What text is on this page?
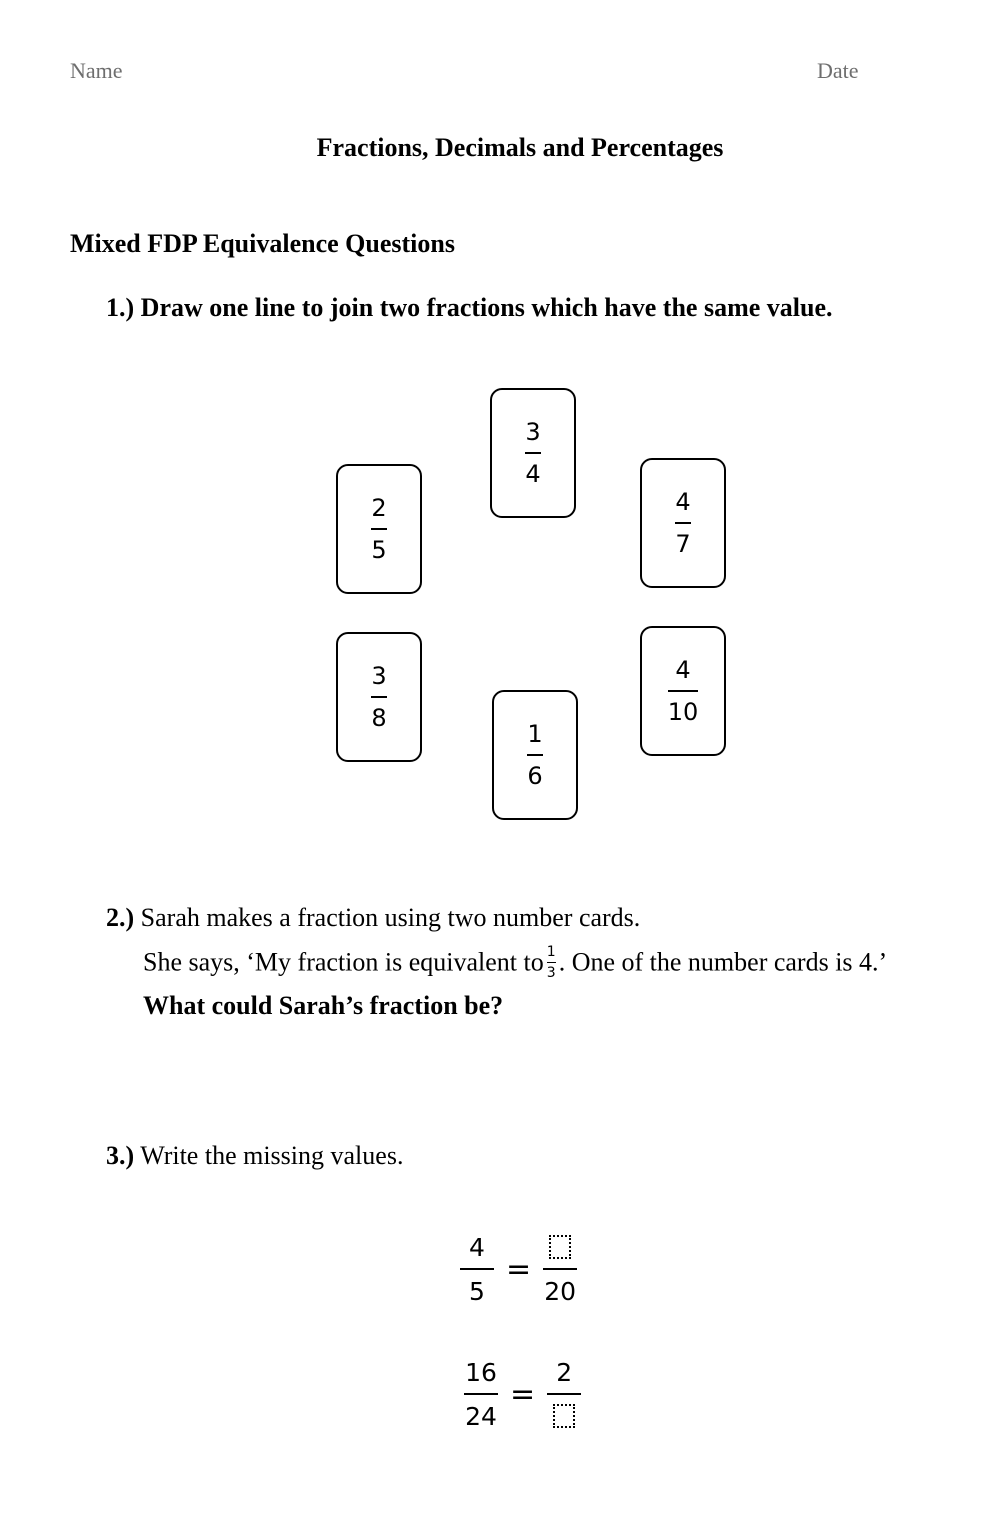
Name	Date
Fractions, Decimals and Percentages
Mixed FDP Equivalence Questions
1.) Draw one line to join two fractions which have the same value.
$\frac{3}{4}$
$\frac{2}{5}$	$\frac{4}{7}$
$\frac{3}{8}$	$\frac{4}{10}$
$\frac{1}{6}$
2.) Sarah makes a fraction using two number cards.
She says, ‘My fraction is equivalent to $\frac{1}{3}$ . One of the number cards is 4.’
What could Sarah’s fraction be?
3.) Write the missing values.
$\frac{4}{5}$ =
20
$\frac{16}{24}$ =
2
